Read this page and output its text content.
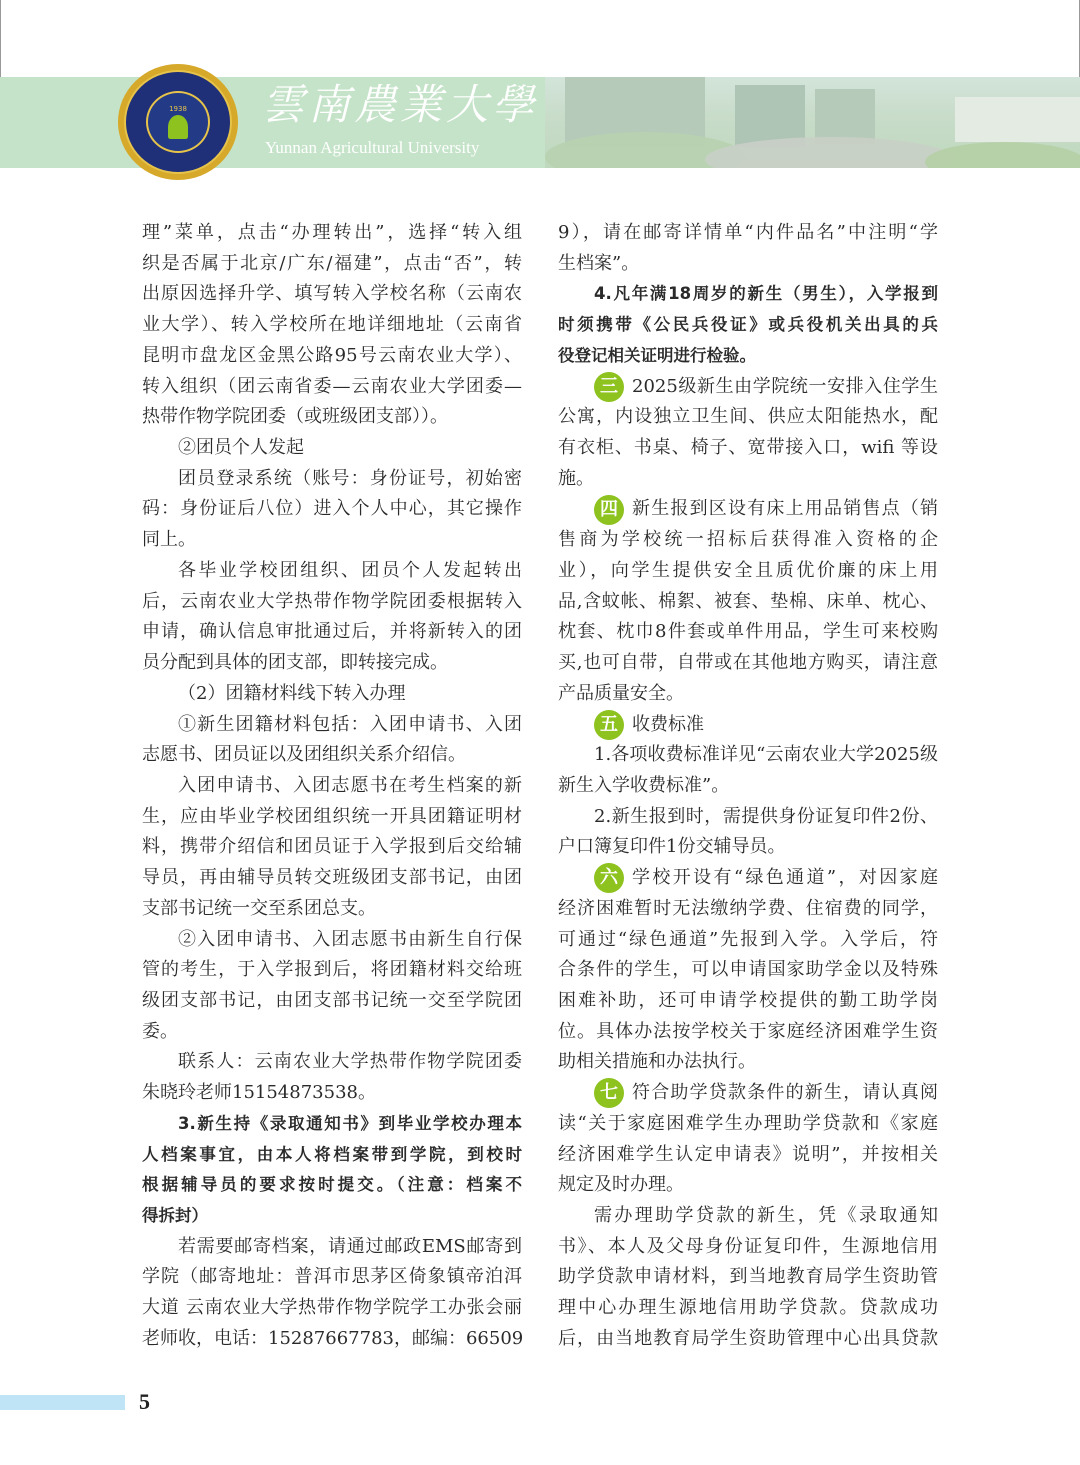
1938 雲南農業大學
Yunnan Agricultural University
理”菜单，点击“办理转出”，选择“转入组
织是否属于北京/广东/福建”，点击“否”，转
出原因选择升学、填写转入学校名称（云南农
业大学）、转入学校所在地详细地址（云南省
昆明市盘龙区金黑公路95号云南农业大学）、
转入组织（团云南省委—云南农业大学团委—
热带作物学院团委（或班级团支部））。
②团员个人发起
团员登录系统（账号：身份证号，初始密
码：身份证后八位）进入个人中心，其它操作
同上。
各毕业学校团组织、团员个人发起转出
后，云南农业大学热带作物学院团委根据转入
申请，确认信息审批通过后，并将新转入的团
员分配到具体的团支部，即转接完成。
（2）团籍材料线下转入办理
①新生团籍材料包括：入团申请书、入团
志愿书、团员证以及团组织关系介绍信。
入团申请书、入团志愿书在考生档案的新
生，应由毕业学校团组织统一开具团籍证明材
料，携带介绍信和团员证于入学报到后交给辅
导员，再由辅导员转交班级团支部书记，由团
支部书记统一交至系团总支。
②入团申请书、入团志愿书由新生自行保
管的考生，于入学报到后，将团籍材料交给班
级团支部书记，由团支部书记统一交至学院团
委。
联系人：云南农业大学热带作物学院团委
朱晓玲老师15154873538。
3.新生持《录取通知书》到毕业学校办理本
人档案事宜，由本人将档案带到学院，到校时
根据辅导员的要求按时提交。（注意：档案不
得拆封）
若需要邮寄档案，请通过邮政EMS邮寄到
学院（邮寄地址：普洱市思茅区倚象镇帝泊洱
大道 云南农业大学热带作物学院学工办张会丽
老师收，电话：15287667783，邮编：66509
9），请在邮寄详情单“内件品名”中注明“学
生档案”。
4.凡年满18周岁的新生（男生），入学报到
时须携带《公民兵役证》或兵役机关出具的兵
役登记相关证明进行检验。
三 2025级新生由学院统一安排入住学生
公寓，内设独立卫生间、供应太阳能热水，配
有衣柜、书桌、椅子、宽带接入口，wifi 等设
施。
四 新生报到区设有床上用品销售点（销
售商为学校统一招标后获得准入资格的企
业），向学生提供安全且质优价廉的床上用
品,含蚊帐、棉絮、被套、垫棉、床单、枕心、
枕套、枕巾8件套或单件用品，学生可来校购
买,也可自带，自带或在其他地方购买，请注意
产品质量安全。
五 收费标准
1.各项收费标准详见“云南农业大学2025级
新生入学收费标准”。
2.新生报到时，需提供身份证复印件2份、
户口簿复印件1份交辅导员。
六 学校开设有“绿色通道”，对因家庭
经济困难暂时无法缴纳学费、住宿费的同学，
可通过“绿色通道”先报到入学。入学后，符
合条件的学生，可以申请国家助学金以及特殊
困难补助，还可申请学校提供的勤工助学岗
位。具体办法按学校关于家庭经济困难学生资
助相关措施和办法执行。
七 符合助学贷款条件的新生，请认真阅
读“关于家庭困难学生办理助学贷款和《家庭
经济困难学生认定申请表》说明”，并按相关
规定及时办理。
需办理助学贷款的新生，凭《录取通知
书》、本人及父母身份证复印件，生源地信用
助学贷款申请材料，到当地教育局学生资助管
理中心办理生源地信用助学贷款。贷款成功
后，由当地教育局学生资助管理中心出具贷款
5
